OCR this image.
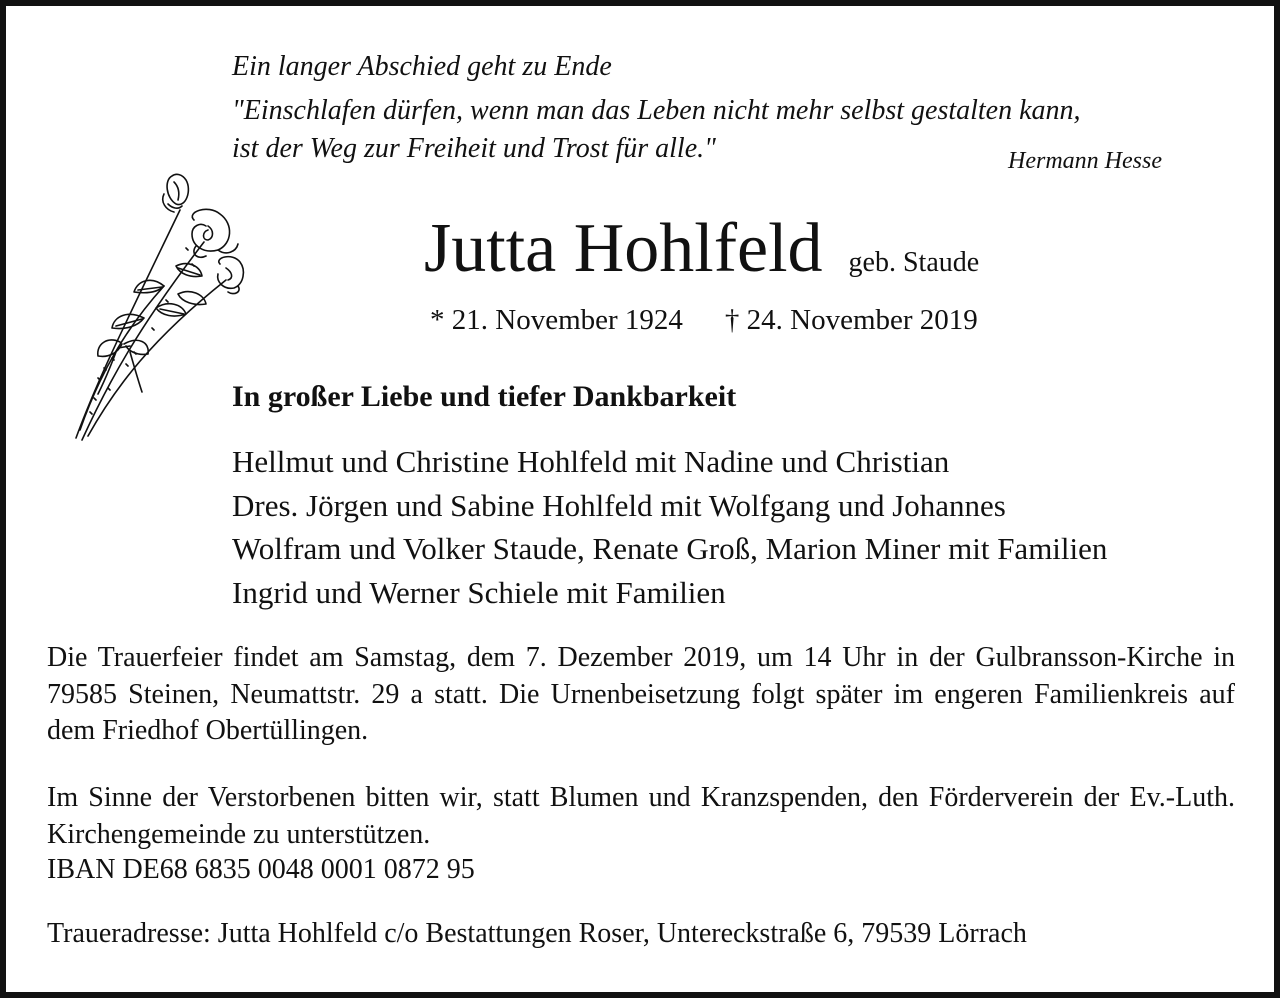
Ein langer Abschied geht zu Ende
"Einschlafen dürfen, wenn man das Leben nicht mehr selbst gestalten kann,
ist der Weg zur Freiheit und Trost für alle."	Hermann Hesse
Jutta Hohlfeld geb. Staude
* 21. November 1924 † 24. November 2019
In großer Liebe und tiefer Dankbarkeit
Hellmut und Christine Hohlfeld mit Nadine und Christian
Dres. Jörgen und Sabine Hohlfeld mit Wolfgang und Johannes
Wolfram und Volker Staude, Renate Groß, Marion Miner mit Familien
Ingrid und Werner Schiele mit Familien

Die Trauerfeier findet am Samstag, dem 7. Dezember 2019, um 14 Uhr in der Gulbransson-Kirche in 79585 Steinen, Neumattstr. 29 a statt. Die Urnenbeisetzung folgt später im engeren Familienkreis auf dem Friedhof Obertüllingen.

Im Sinne der Verstorbenen bitten wir, statt Blumen und Kranzspenden, den Förderverein der Ev.-Luth. Kirchengemeinde zu unterstützen.

IBAN DE68 6835 0048 0001 0872 95
Traueradresse: Jutta Hohlfeld c/o Bestattungen Roser, Untereckstraße 6, 79539 Lörrach
